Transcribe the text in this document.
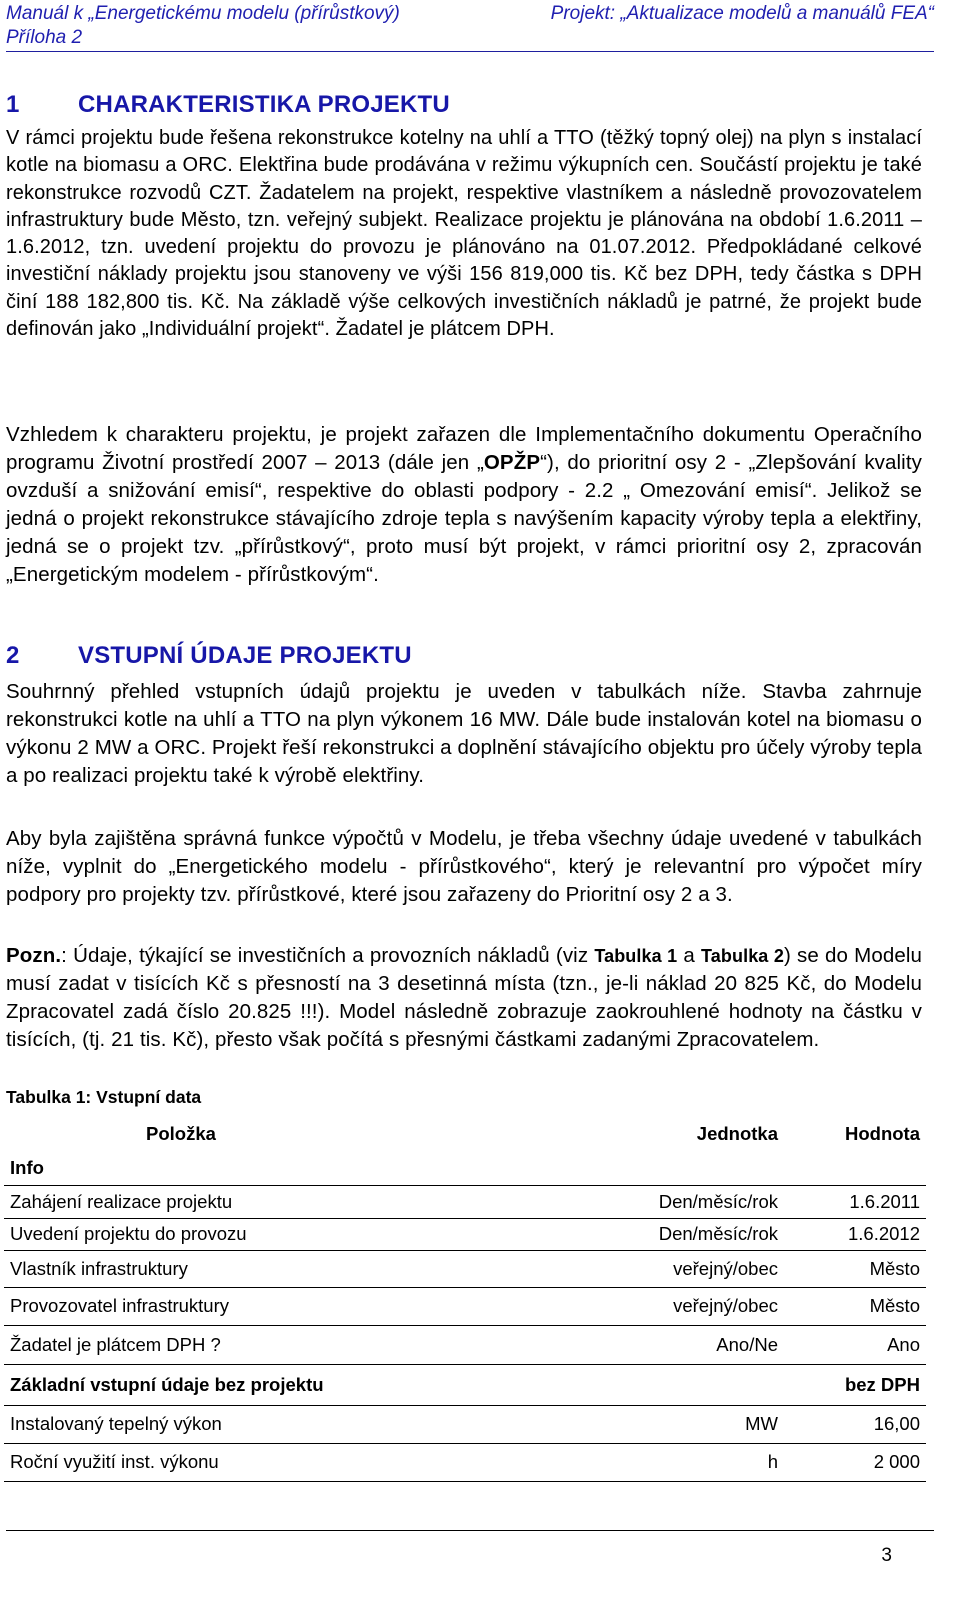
Manuál k „Energetickému modelu (přírůstkový)
Příloha 2
Projekt: „Aktualizace modelů a manuálů FEA“
1 CHARAKTERISTIKA PROJEKTU

V rámci projektu bude řešena rekonstrukce kotelny na uhlí a TTO (těžký topný olej) na plyn s instalací kotle na biomasu a ORC. Elektřina bude prodávána v režimu výkupních cen. Součástí projektu je také rekonstrukce rozvodů CZT. Žadatelem na projekt, respektive vlastníkem a následně provozovatelem infrastruktury bude Město, tzn. veřejný subjekt. Realizace projektu je plánována na období 1.6.2011 – 1.6.2012, tzn. uvedení projektu do provozu je plánováno na 01.07.2012. Předpokládané celkové investiční náklady projektu jsou stanoveny ve výši 156 819,000 tis. Kč bez DPH, tedy částka s DPH činí 188 182,800 tis. Kč. Na základě výše celkových investičních nákladů je patrné, že projekt bude definován jako „Individuální projekt“. Žadatel je plátcem DPH.

Vzhledem k charakteru projektu, je projekt zařazen dle Implementačního dokumentu Operačního programu Životní prostředí 2007 – 2013 (dále jen „OPŽP“), do prioritní osy 2 - „Zlepšování kvality ovzduší a snižování emisí“, respektive do oblasti podpory - 2.2 „ Omezování emisí“. Jelikož se jedná o projekt rekonstrukce stávajícího zdroje tepla s navýšením kapacity výroby tepla a elektřiny, jedná se o projekt tzv. „přírůstkový“, proto musí být projekt, v rámci prioritní osy 2, zpracován „Energetickým modelem - přírůstkovým“.

2 VSTUPNÍ ÚDAJE PROJEKTU

Souhrnný přehled vstupních údajů projektu je uveden v tabulkách níže. Stavba zahrnuje rekonstrukci kotle na uhlí a TTO na plyn výkonem 16 MW. Dále bude instalován kotel na biomasu o výkonu 2 MW a ORC. Projekt řeší rekonstrukci a doplnění stávajícího objektu pro účely výroby tepla a po realizaci projektu také k výrobě elektřiny.

Aby byla zajištěna správná funkce výpočtů v Modelu, je třeba všechny údaje uvedené v tabulkách níže, vyplnit do „Energetického modelu - přírůstkového“, který je relevantní pro výpočet míry podpory pro projekty tzv. přírůstkové, které jsou zařazeny do Prioritní osy 2 a 3.

Pozn.: Údaje, týkající se investičních a provozních nákladů (viz Tabulka 1 a Tabulka 2) se do Modelu musí zadat v tisících Kč s přesností na 3 desetinná místa (tzn., je-li náklad 20 825 Kč, do Modelu Zpracovatel zadá číslo 20.825 !!!). Model následně zobrazuje zaokrouhlené hodnoty na částku v tisících, (tj. 21 tis. Kč), přesto však počítá s přesnými částkami zadanými Zpracovatelem.

Tabulka 1: Vstupní data
Položka	Jednotka	Hodnota
Info		
Zahájení realizace projektu	Den/měsíc/rok	1.6.2011
Uvedení projektu do provozu	Den/měsíc/rok	1.6.2012
Vlastník infrastruktury	veřejný/obec	Město
Provozovatel infrastruktury	veřejný/obec	Město
Žadatel je plátcem DPH ?	Ano/Ne	Ano
Základní vstupní údaje bez projektu		bez DPH
Instalovaný tepelný výkon	MW	16,00
Roční využití inst. výkonu	h	2 000
3
